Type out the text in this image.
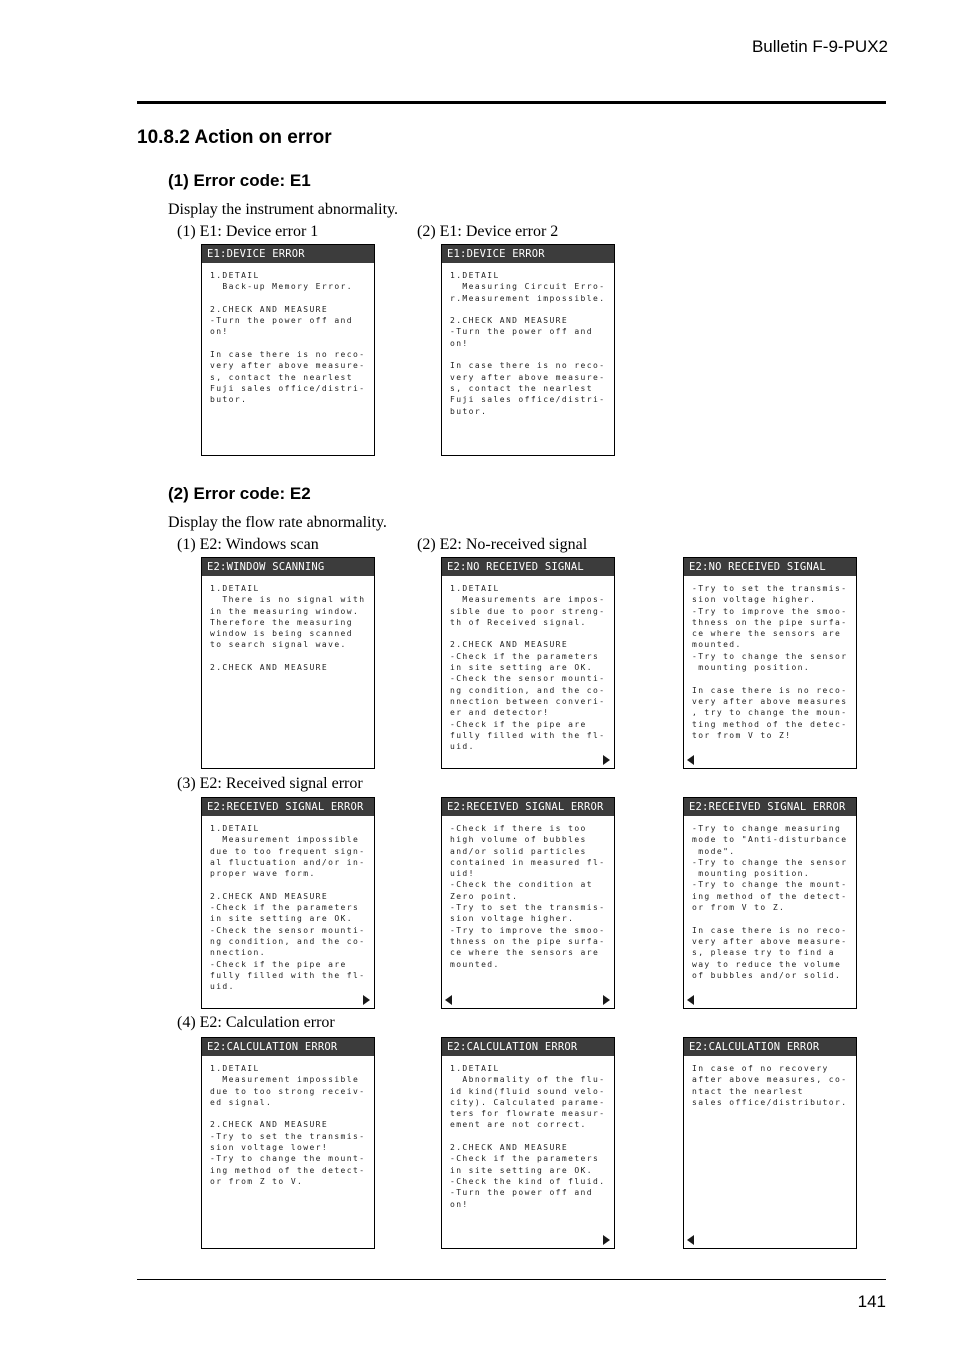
Bulletin F-9-PUX2
10.8.2 Action on error
(1) Error code: E1
Display the instrument abnormality.
(1) E1: Device error 1	(2) E1: Device error 2
E1:DEVICE ERROR
1.DETAIL
Back-up Memory Error.

2.CHECK AND MEASURE
-Turn the power off and
on!

In case there is no reco-
very after above measure-
s, contact the nearlest
Fuji sales office/distri-
butor.
E1:DEVICE ERROR
1.DETAIL
Measuring Circuit Erro-
r.Measurement impossible.

2.CHECK AND MEASURE
-Turn the power off and
on!

In case there is no reco-
very after above measure-
s, contact the nearlest
Fuji sales office/distri-
butor.
(2) Error code: E2
Display the flow rate abnormality.
(1) E2: Windows scan	(2) E2: No-received signal
E2:WINDOW SCANNING
1.DETAIL
There is no signal with
in the measuring window.
Therefore the measuring
window is being scanned
to search signal wave.

2.CHECK AND MEASURE
E2:NO RECEIVED SIGNAL
1.DETAIL
Measurements are impos-
sible due to poor streng-
th of Received signal.

2.CHECK AND MEASURE
-Check if the parameters
in site setting are OK.
-Check the sensor mounti-
ng condition, and the co-
nnection between converi-
er and detector!
-Check if the pipe are
fully filled with the fl-
uid.
E2:NO RECEIVED SIGNAL
-Try to set the transmis-
sion voltage higher.
-Try to improve the smoo-
thness on the pipe surfa-
ce where the sensors are
mounted.
-Try to change the sensor
mounting position.

In case there is no reco-
very after above measures
, try to change the moun-
ting method of the detec-
tor from V to Z!
(3) E2: Received signal error
E2:RECEIVED SIGNAL ERROR
1.DETAIL
Measurement impossible
due to too frequent sign-
al fluctuation and/or in-
proper wave form.

2.CHECK AND MEASURE
-Check if the parameters
in site setting are OK.
-Check the sensor mounti-
ng condition, and the co-
nnection.
-Check if the pipe are
fully filled with the fl-
uid.
E2:RECEIVED SIGNAL ERROR
-Check if there is too
high volume of bubbles
and/or solid particles
contained in measured fl-
uid!
-Check the condition at
Zero point.
-Try to set the transmis-
sion voltage higher.
-Try to improve the smoo-
thness on the pipe surfa-
ce where the sensors are
mounted.
E2:RECEIVED SIGNAL ERROR
-Try to change measuring
mode to "Anti-disturbance
mode".
-Try to change the sensor
mounting position.
-Try to change the mount-
ing method of the detect-
or from V to Z.

In case there is no reco-
very after above measure-
s, please try to find a
way to reduce the volume
of bubbles and/or solid.
(4) E2: Calculation error
E2:CALCULATION ERROR
1.DETAIL
Measurement impossible
due to too strong receiv-
ed signal.

2.CHECK AND MEASURE
-Try to set the transmis-
sion voltage lower!
-Try to change the mount-
ing method of the detect-
or from Z to V.
E2:CALCULATION ERROR
1.DETAIL
Abnormality of the flu-
id kind(fluid sound velo-
city). Calculated parame-
ters for flowrate measur-
ement are not correct.

2.CHECK AND MEASURE
-Check if the parameters
in site setting are OK.
-Check the kind of fluid.
-Turn the power off and
on!
E2:CALCULATION ERROR
In case of no recovery
after above measures, co-
ntact the nearlest
sales office/distributor.
141
